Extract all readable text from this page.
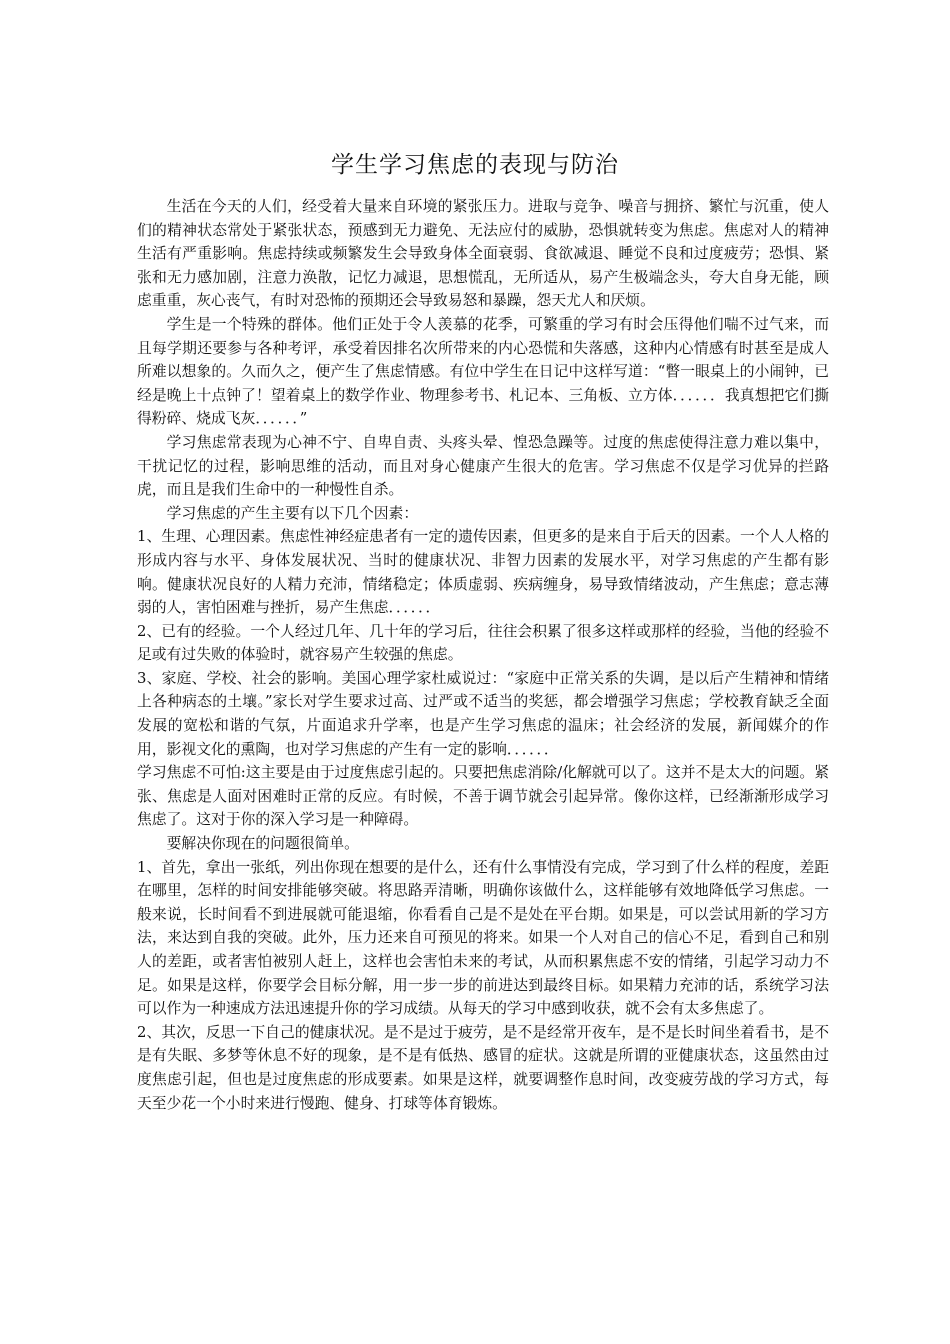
学生学习焦虑的表现与防治

生活在今天的人们，经受着大量来自环境的紧张压力。进取与竞争、噪音与拥挤、繁忙与沉重，使人们的精神状态常处于紧张状态，预感到无力避免、无法应付的威胁，恐惧就转变为焦虑。焦虑对人的精神生活有严重影响。焦虑持续或频繁发生会导致身体全面衰弱、食欲减退、睡觉不良和过度疲劳；恐惧、紧张和无力感加剧，注意力涣散，记忆力减退，思想慌乱，无所适从，易产生极端念头，夸大自身无能，顾虑重重，灰心丧气，有时对恐怖的预期还会导致易怒和暴躁，怨天尤人和厌烦。

学生是一个特殊的群体。他们正处于令人羡慕的花季，可繁重的学习有时会压得他们喘不过气来，而且每学期还要参与各种考评，承受着因排名次所带来的内心恐慌和失落感，这种内心情感有时甚至是成人所难以想象的。久而久之，便产生了焦虑情感。有位中学生在日记中这样写道：“瞥一眼桌上的小闹钟，已经是晚上十点钟了！望着桌上的数学作业、物理参考书、札记本、三角板、立方体．．．．．．我真想把它们撕得粉碎、烧成飞灰．．．．．．”

学习焦虑常表现为心神不宁、自卑自责、头疼头晕、惶恐急躁等。过度的焦虑使得注意力难以集中，干扰记忆的过程，影响思维的活动，而且对身心健康产生很大的危害。学习焦虑不仅是学习优异的拦路虎，而且是我们生命中的一种慢性自杀。

学习焦虑的产生主要有以下几个因素：

1、生理、心理因素。焦虑性神经症患者有一定的遗传因素，但更多的是来自于后天的因素。一个人人格的形成内容与水平、身体发展状况、当时的健康状况、非智力因素的发展水平，对学习焦虑的产生都有影响。健康状况良好的人精力充沛，情绪稳定；体质虚弱、疾病缠身，易导致情绪波动，产生焦虑；意志薄弱的人，害怕困难与挫折，易产生焦虑．．．．．．

2、已有的经验。一个人经过几年、几十年的学习后，往往会积累了很多这样或那样的经验，当他的经验不足或有过失败的体验时，就容易产生较强的焦虑。

3、家庭、学校、社会的影响。美国心理学家杜威说过：“家庭中正常关系的失调，是以后产生精神和情绪上各种病态的土壤。”家长对学生要求过高、过严或不适当的奖惩，都会增强学习焦虑；学校教育缺乏全面发展的宽松和谐的气氛，片面追求升学率，也是产生学习焦虑的温床；社会经济的发展，新闻媒介的作用，影视文化的熏陶，也对学习焦虑的产生有一定的影响．．．．．．

学习焦虑不可怕:这主要是由于过度焦虑引起的。只要把焦虑消除/化解就可以了。这并不是太大的问题。紧张、焦虑是人面对困难时正常的反应。有时候，不善于调节就会引起异常。像你这样，已经渐渐形成学习焦虑了。这对于你的深入学习是一种障碍。

要解决你现在的问题很简单。

1、首先，拿出一张纸，列出你现在想要的是什么，还有什么事情没有完成，学习到了什么样的程度，差距在哪里，怎样的时间安排能够突破。将思路弄清晰，明确你该做什么，这样能够有效地降低学习焦虑。一般来说，长时间看不到进展就可能退缩，你看看自己是不是处在平台期。如果是，可以尝试用新的学习方法，来达到自我的突破。此外，压力还来自可预见的将来。如果一个人对自己的信心不足，看到自己和别人的差距，或者害怕被别人赶上，这样也会害怕未来的考试，从而积累焦虑不安的情绪，引起学习动力不足。如果是这样，你要学会目标分解，用一步一步的前进达到最终目标。如果精力充沛的话，系统学习法可以作为一种速成方法迅速提升你的学习成绩。从每天的学习中感到收获，就不会有太多焦虑了。

2、其次，反思一下自己的健康状况。是不是过于疲劳，是不是经常开夜车，是不是长时间坐着看书，是不是有失眠、多梦等休息不好的现象，是不是有低热、感冒的症状。这就是所谓的亚健康状态，这虽然由过度焦虑引起，但也是过度焦虑的形成要素。如果是这样，就要调整作息时间，改变疲劳战的学习方式，每天至少花一个小时来进行慢跑、健身、打球等体育锻炼。
